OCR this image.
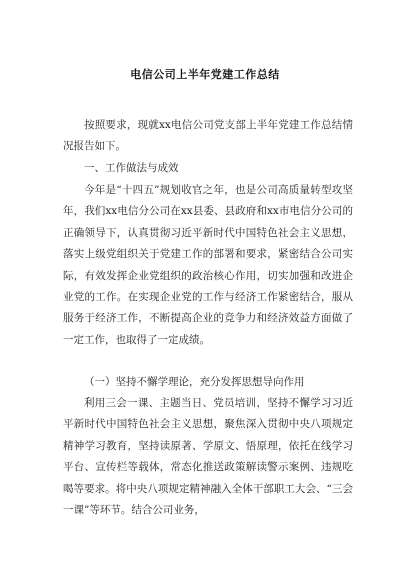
电信公司上半年党建工作总结
按照要求，现就xx电信公司党支部上半年党建工作总结情况报告如下。
一、工作做法与成效
今年是“十四五”规划收官之年，也是公司高质量转型攻坚年，我们xx电信分公司在xx县委、县政府和xx市电信分公司的正确领导下，认真贯彻习近平新时代中国特色社会主义思想，落实上级党组织关于党建工作的部署和要求，紧密结合公司实际，有效发挥企业党组织的政治核心作用，切实加强和改进企业党的工作。在实现企业党的工作与经济工作紧密结合，服从服务于经济工作，不断提高企业的竞争力和经济效益方面做了一定工作，也取得了一定成绩。
（一）坚持不懈学理论，充分发挥思想导向作用
利用三会一课、主题当日、党员培训，坚持不懈学习习近平新时代中国特色社会主义思想，聚焦深入贯彻中央八项规定精神学习教育，坚持读原著、学原文、悟原理，依托在线学习平台、宣传栏等载体，常态化推送政策解读警示案例、违规吃喝等要求。将中央八项规定精神融入全体干部职工大会、“三会一课”等环节。结合公司业务，
